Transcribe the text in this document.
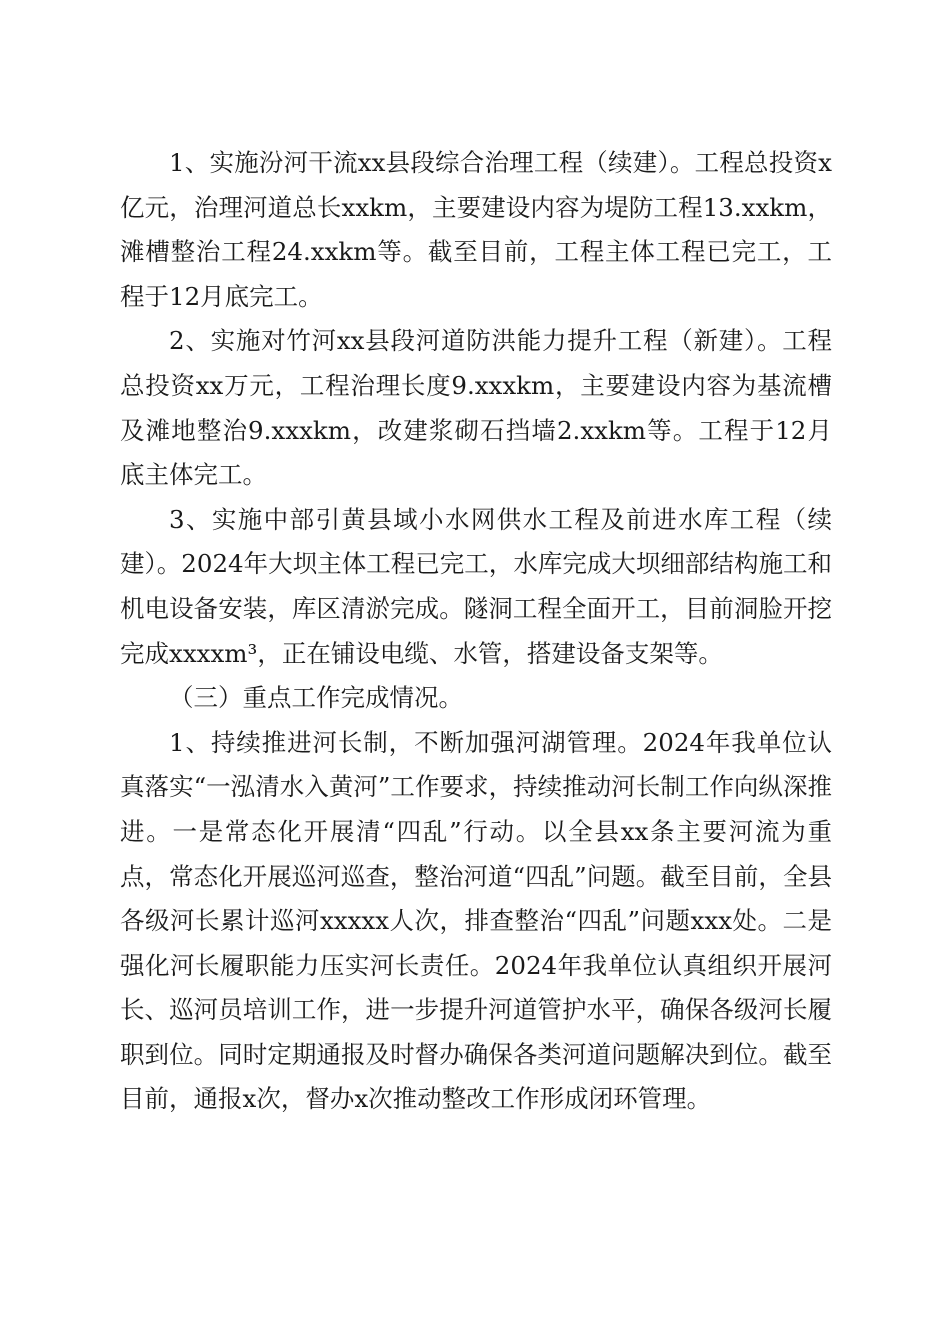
1、实施汾河干流xx县段综合治理工程（续建）。工程总投资x亿元，治理河道总长xxkm，主要建设内容为堤防工程13.xxkm，滩槽整治工程24.xxkm等。截至目前，工程主体工程已完工，工程于12月底完工。

2、实施对竹河xx县段河道防洪能力提升工程（新建）。工程总投资xx万元，工程治理长度9.xxxkm，主要建设内容为基流槽及滩地整治9.xxxkm，改建浆砌石挡墙2.xxkm等。工程于12月底主体完工。

3、实施中部引黄县域小水网供水工程及前进水库工程（续建）。2024年大坝主体工程已完工，水库完成大坝细部结构施工和机电设备安装，库区清淤完成。隧洞工程全面开工，目前洞脸开挖完成xxxxm³，正在铺设电缆、水管，搭建设备支架等。

（三）重点工作完成情况。

1、持续推进河长制，不断加强河湖管理。2024年我单位认真落实“一泓清水入黄河”工作要求，持续推动河长制工作向纵深推进。一是常态化开展清“四乱”行动。以全县xx条主要河流为重点，常态化开展巡河巡查，整治河道“四乱”问题。截至目前，全县各级河长累计巡河xxxxx人次，排查整治“四乱”问题xxx处。二是强化河长履职能力压实河长责任。2024年我单位认真组织开展河长、巡河员培训工作，进一步提升河道管护水平，确保各级河长履职到位。同时定期通报及时督办确保各类河道问题解决到位。截至目前，通报x次，督办x次推动整改工作形成闭环管理。
